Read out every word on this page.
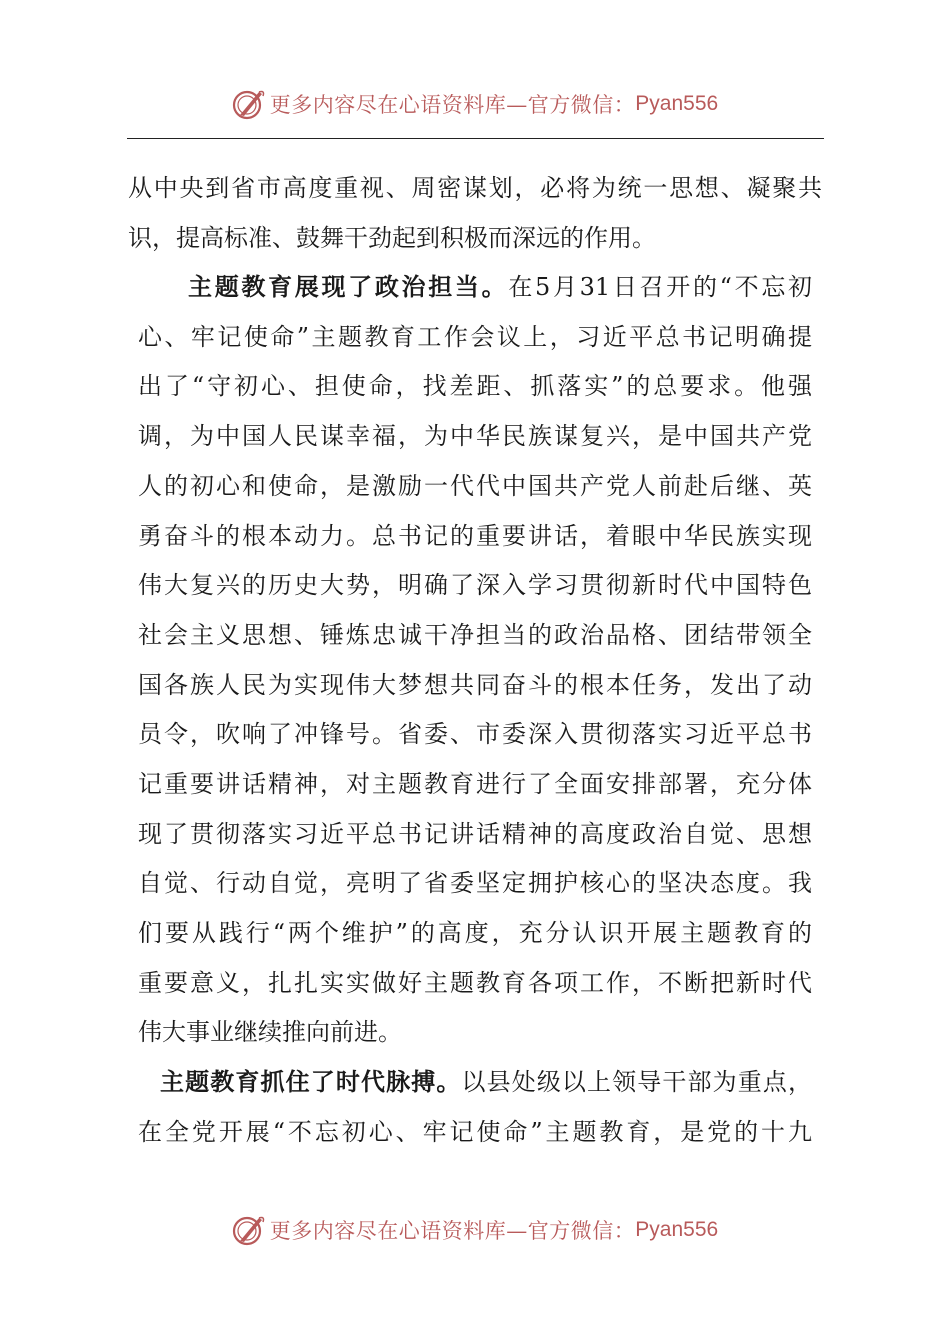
更多内容尽在心语资料库—官方微信： Pyan556
从中央到省市高度重视、周密谋划，必将为统一思想、凝聚共
识，提高标准、鼓舞干劲起到积极而深远的作用。
主题教育展现了政治担当。在5月31日召开的“不忘初
心、牢记使命”主题教育工作会议上，习近平总书记明确提
出了“守初心、担使命，找差距、抓落实”的总要求。他强
调，为中国人民谋幸福，为中华民族谋复兴，是中国共产党
人的初心和使命，是激励一代代中国共产党人前赴后继、英
勇奋斗的根本动力。总书记的重要讲话，着眼中华民族实现
伟大复兴的历史大势，明确了深入学习贯彻新时代中国特色
社会主义思想、锤炼忠诚干净担当的政治品格、团结带领全
国各族人民为实现伟大梦想共同奋斗的根本任务，发出了动
员令，吹响了冲锋号。省委、市委深入贯彻落实习近平总书
记重要讲话精神，对主题教育进行了全面安排部署，充分体
现了贯彻落实习近平总书记讲话精神的高度政治自觉、思想
自觉、行动自觉，亮明了省委坚定拥护核心的坚决态度。我
们要从践行“两个维护”的高度，充分认识开展主题教育的
重要意义，扎扎实实做好主题教育各项工作，不断把新时代
伟大事业继续推向前进。
主题教育抓住了时代脉搏。以县处级以上领导干部为重点，
在全党开展“不忘初心、牢记使命”主题教育，是党的十九
更多内容尽在心语资料库—官方微信： Pyan556
